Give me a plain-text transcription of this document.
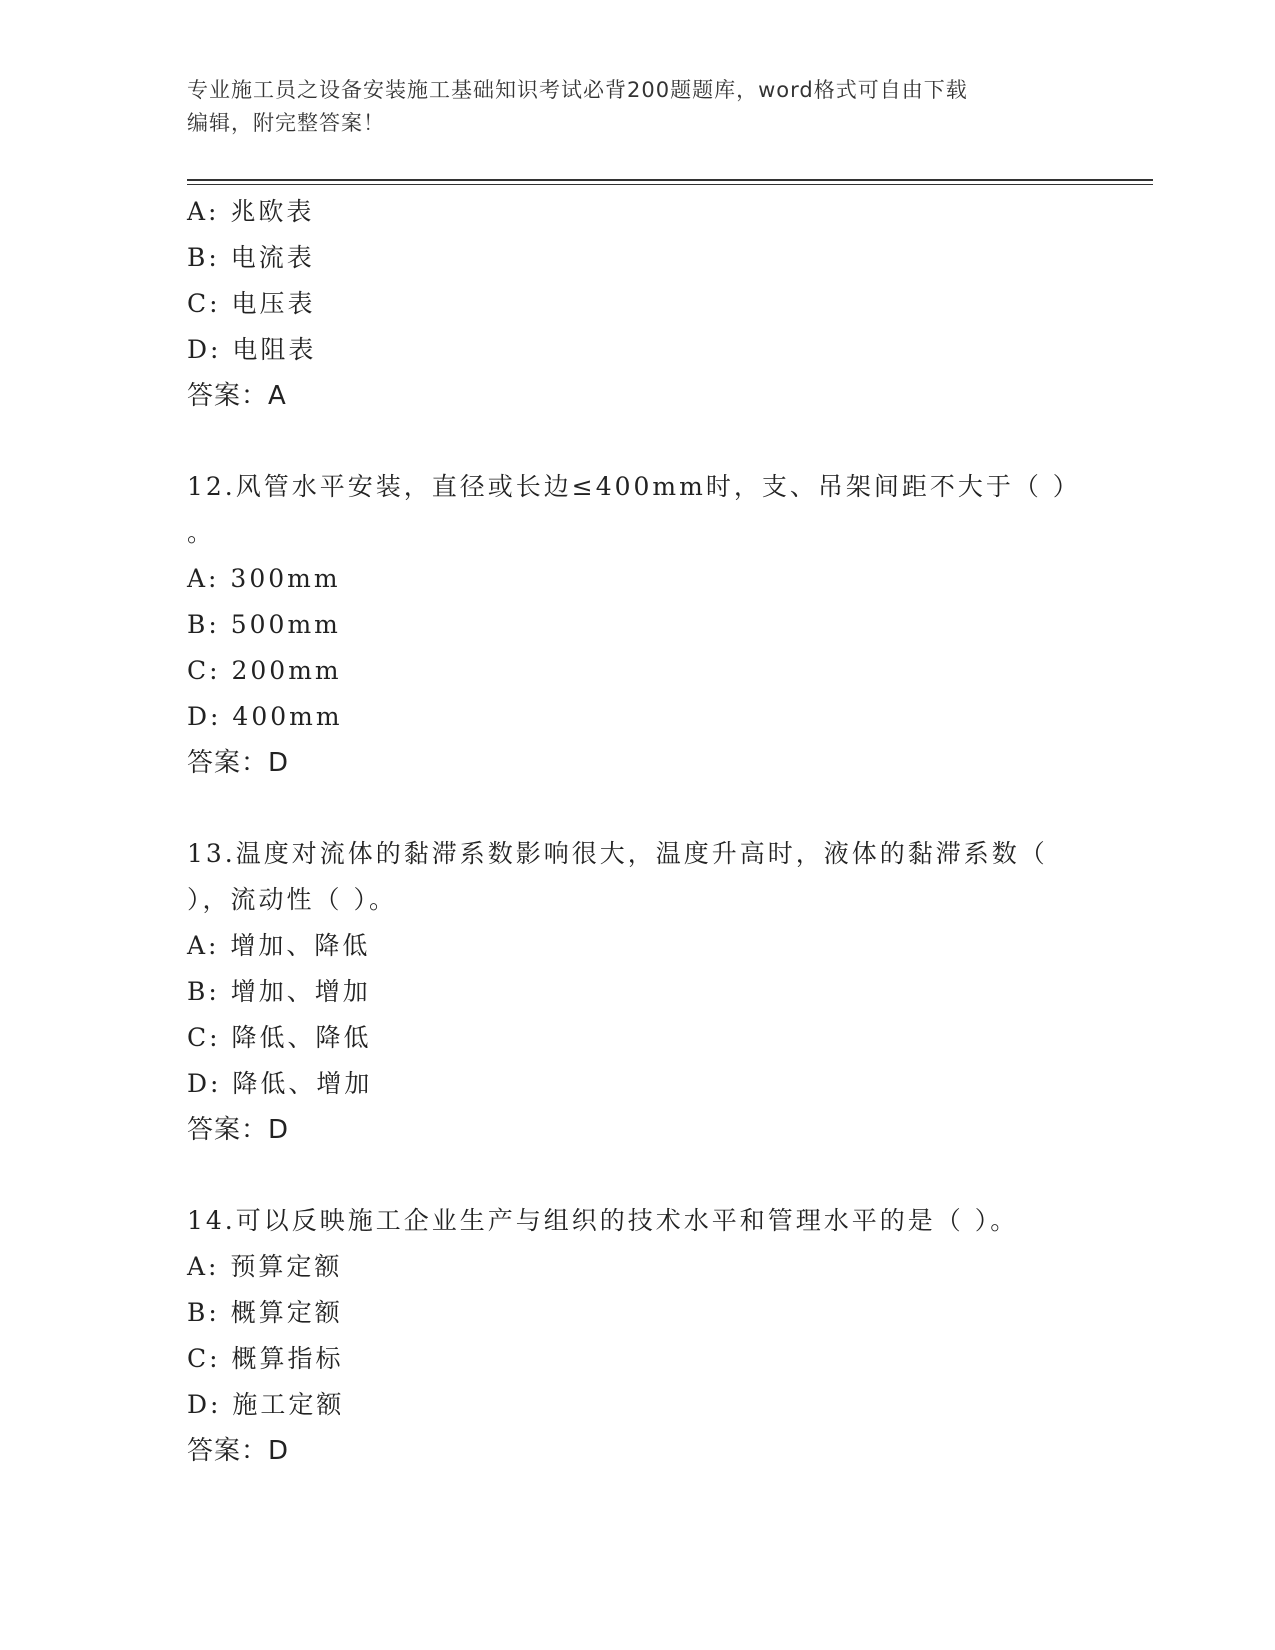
专业施工员之设备安装施工基础知识考试必背200题题库，word格式可自由下载
编辑，附完整答案！
A: 兆欧表
B: 电流表
C: 电压表
D: 电阻表
答案：A
12.风管水平安装，直径或长边≤400mm时，支、吊架间距不大于（ ）
。
A: 300mm
B: 500mm
C: 200mm
D: 400mm
答案：D
13.温度对流体的黏滞系数影响很大，温度升高时，液体的黏滞系数（
），流动性（ ）。
A: 增加、降低
B: 增加、增加
C: 降低、降低
D: 降低、增加
答案：D
14.可以反映施工企业生产与组织的技术水平和管理水平的是（ ）。
A: 预算定额
B: 概算定额
C: 概算指标
D: 施工定额
答案：D
